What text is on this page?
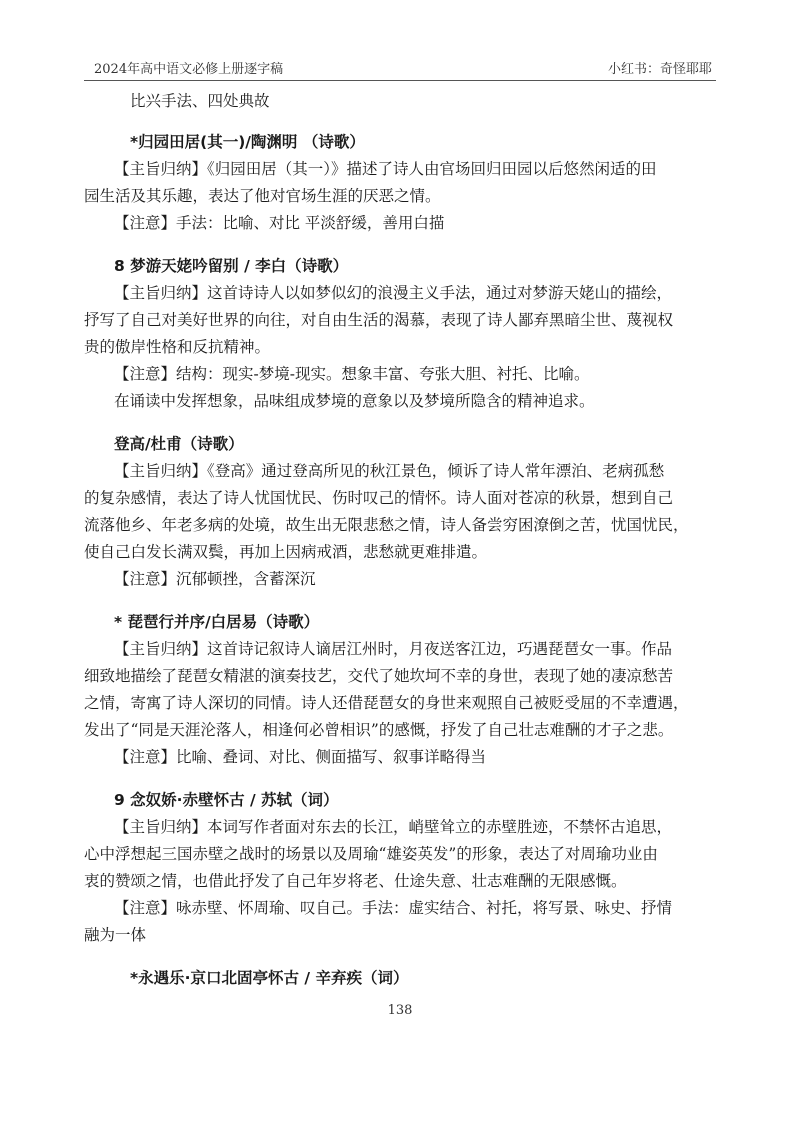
2024年高中语文必修上册逐字稿	小红书：奇怪耶耶
比兴手法、四处典故
*归园田居(其一)/陶渊明 （诗歌）
【主旨归纳】《归园田居（其一）》描述了诗人由官场回归田园以后悠然闲适的田
园生活及其乐趣，表达了他对官场生涯的厌恶之情。
【注意】手法：比喻、对比 平淡舒缓，善用白描
8 梦游天姥吟留别 / 李白（诗歌）
【主旨归纳】这首诗诗人以如梦似幻的浪漫主义手法，通过对梦游天姥山的描绘，
抒写了自己对美好世界的向往，对自由生活的渴慕，表现了诗人鄙弃黑暗尘世、蔑视权
贵的傲岸性格和反抗精神。
【注意】结构：现实-梦境-现实。想象丰富、夸张大胆、衬托、比喻。
在诵读中发挥想象，品味组成梦境的意象以及梦境所隐含的精神追求。
登高/杜甫（诗歌）
【主旨归纳】《登高》通过登高所见的秋江景色，倾诉了诗人常年漂泊、老病孤愁
的复杂感情，表达了诗人忧国忧民、伤时叹己的情怀。诗人面对苍凉的秋景，想到自己
流落他乡、年老多病的处境，故生出无限悲愁之情，诗人备尝穷困潦倒之苦，忧国忧民，
使自己白发长满双鬓，再加上因病戒酒，悲愁就更难排遣。
【注意】沉郁顿挫，含蓄深沉
* 琵琶行并序/白居易（诗歌）
【主旨归纳】这首诗记叙诗人谪居江州时，月夜送客江边，巧遇琵琶女一事。作品
细致地描绘了琵琶女精湛的演奏技艺，交代了她坎坷不幸的身世，表现了她的凄凉愁苦
之情，寄寓了诗人深切的同情。诗人还借琵琶女的身世来观照自己被贬受屈的不幸遭遇，
发出了“同是天涯沦落人，相逢何必曾相识”的感慨，抒发了自己壮志难酬的才子之悲。
【注意】比喻、叠词、对比、侧面描写、叙事详略得当
9 念奴娇·赤壁怀古 / 苏轼（词）
【主旨归纳】本词写作者面对东去的长江，峭壁耸立的赤壁胜迹，不禁怀古追思，
心中浮想起三国赤壁之战时的场景以及周瑜“雄姿英发”的形象，表达了对周瑜功业由
衷的赞颂之情，也借此抒发了自己年岁将老、仕途失意、壮志难酬的无限感慨。
【注意】咏赤壁、怀周瑜、叹自己。手法：虚实结合、衬托，将写景、咏史、抒情
融为一体
*永遇乐·京口北固亭怀古 / 辛弃疾（词）
138
